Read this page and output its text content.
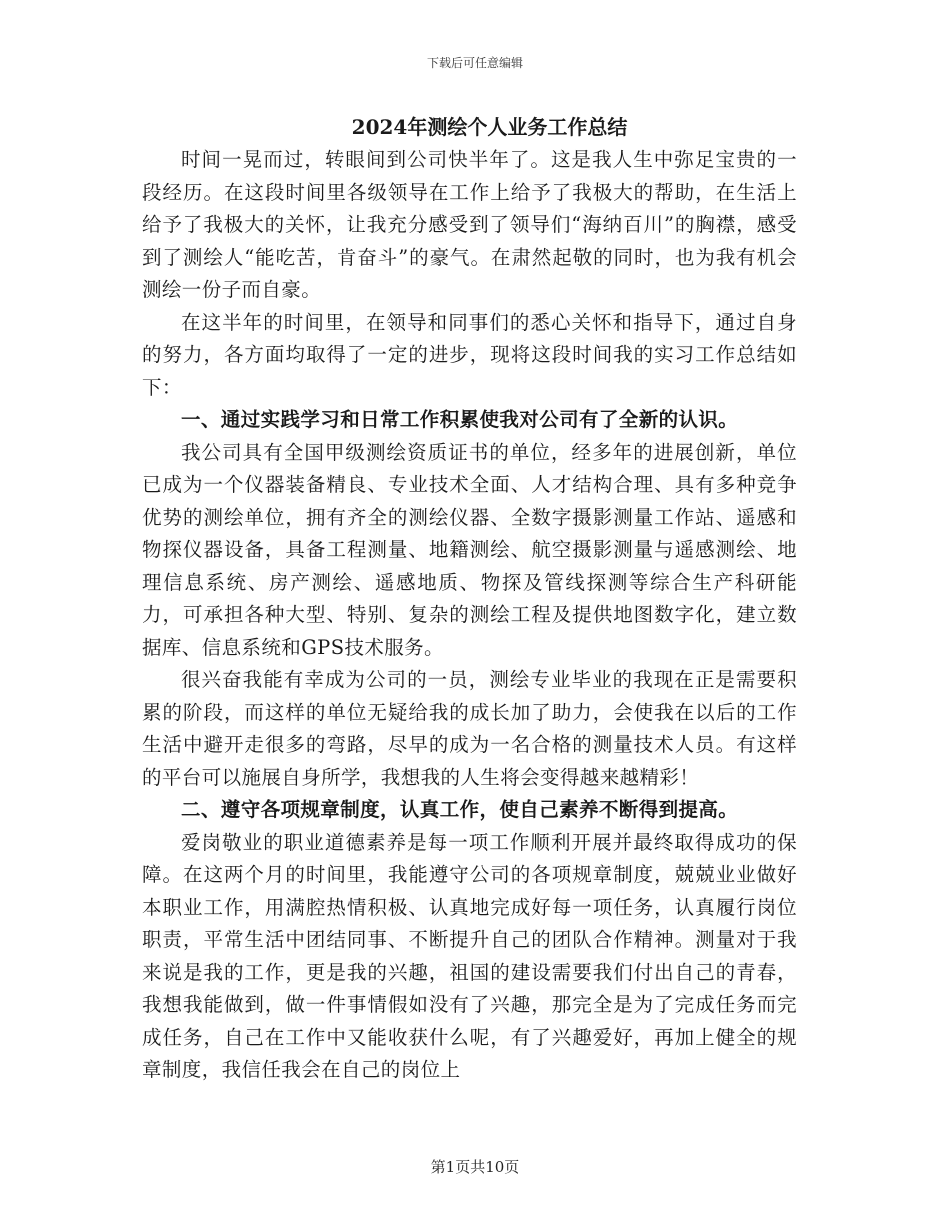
下载后可任意编辑
2024年测绘个人业务工作总结

时间一晃而过，转眼间到公司快半年了。这是我人生中弥足宝贵的一段经历。在这段时间里各级领导在工作上给予了我极大的帮助，在生活上给予了我极大的关怀，让我充分感受到了领导们“海纳百川”的胸襟，感受到了测绘人“能吃苦，肯奋斗”的豪气。在肃然起敬的同时，也为我有机会测绘一份子而自豪。

在这半年的时间里，在领导和同事们的悉心关怀和指导下，通过自身的努力，各方面均取得了一定的进步，现将这段时间我的实习工作总结如下：

一、通过实践学习和日常工作积累使我对公司有了全新的认识。

我公司具有全国甲级测绘资质证书的单位，经多年的进展创新，单位已成为一个仪器装备精良、专业技术全面、人才结构合理、具有多种竞争优势的测绘单位，拥有齐全的测绘仪器、全数字摄影测量工作站、遥感和物探仪器设备，具备工程测量、地籍测绘、航空摄影测量与遥感测绘、地理信息系统、房产测绘、遥感地质、物探及管线探测等综合生产科研能力，可承担各种大型、特别、复杂的测绘工程及提供地图数字化，建立数据库、信息系统和GPS技术服务。

很兴奋我能有幸成为公司的一员，测绘专业毕业的我现在正是需要积累的阶段，而这样的单位无疑给我的成长加了助力，会使我在以后的工作生活中避开走很多的弯路，尽早的成为一名合格的测量技术人员。有这样的平台可以施展自身所学，我想我的人生将会变得越来越精彩！

二、遵守各项规章制度，认真工作，使自己素养不断得到提高。

爱岗敬业的职业道德素养是每一项工作顺利开展并最终取得成功的保障。在这两个月的时间里，我能遵守公司的各项规章制度，兢兢业业做好本职业工作，用满腔热情积极、认真地完成好每一项任务，认真履行岗位职责，平常生活中团结同事、不断提升自己的团队合作精神。测量对于我来说是我的工作，更是我的兴趣，祖国的建设需要我们付出自己的青春，我想我能做到，做一件事情假如没有了兴趣，那完全是为了完成任务而完成任务，自己在工作中又能收获什么呢，有了兴趣爱好，再加上健全的规章制度，我信任我会在自己的岗位上

第1页共10页
